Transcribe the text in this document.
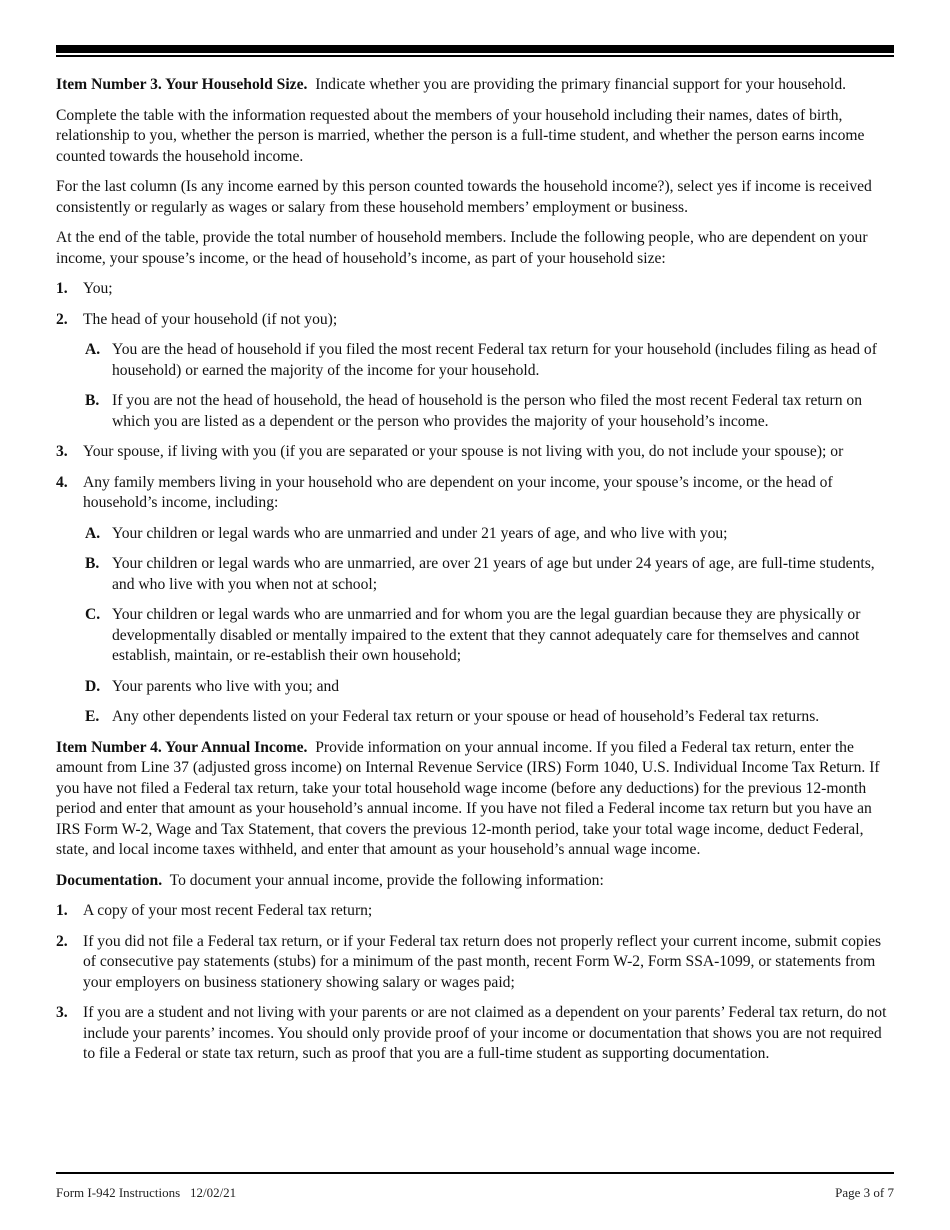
Item Number 3. Your Household Size. Indicate whether you are providing the primary financial support for your household.

Complete the table with the information requested about the members of your household including their names, dates of birth, relationship to you, whether the person is married, whether the person is a full-time student, and whether the person earns income counted towards the household income.

For the last column (Is any income earned by this person counted towards the household income?), select yes if income is received consistently or regularly as wages or salary from these household members’ employment or business.

At the end of the table, provide the total number of household members. Include the following people, who are dependent on your income, your spouse’s income, or the head of household’s income, as part of your household size:

1. You;
2. The head of your household (if not you);
A. You are the head of household if you filed the most recent Federal tax return for your household (includes filing as head of household) or earned the majority of the income for your household.
B. If you are not the head of household, the head of household is the person who filed the most recent Federal tax return on which you are listed as a dependent or the person who provides the majority of your household’s income.
3. Your spouse, if living with you (if you are separated or your spouse is not living with you, do not include your spouse); or
4. Any family members living in your household who are dependent on your income, your spouse’s income, or the head of household’s income, including:
A. Your children or legal wards who are unmarried and under 21 years of age, and who live with you;
B. Your children or legal wards who are unmarried, are over 21 years of age but under 24 years of age, are full-time students, and who live with you when not at school;
C. Your children or legal wards who are unmarried and for whom you are the legal guardian because they are physically or developmentally disabled or mentally impaired to the extent that they cannot adequately care for themselves and cannot establish, maintain, or re-establish their own household;
D. Your parents who live with you; and
E. Any other dependents listed on your Federal tax return or your spouse or head of household’s Federal tax returns.

Item Number 4. Your Annual Income. Provide information on your annual income. If you filed a Federal tax return, enter the amount from Line 37 (adjusted gross income) on Internal Revenue Service (IRS) Form 1040, U.S. Individual Income Tax Return. If you have not filed a Federal tax return, take your total household wage income (before any deductions) for the previous 12-month period and enter that amount as your household’s annual income. If you have not filed a Federal income tax return but you have an IRS Form W-2, Wage and Tax Statement, that covers the previous 12-month period, take your total wage income, deduct Federal, state, and local income taxes withheld, and enter that amount as your household’s annual wage income.

Documentation. To document your annual income, provide the following information:

1. A copy of your most recent Federal tax return;
2. If you did not file a Federal tax return, or if your Federal tax return does not properly reflect your current income, submit copies of consecutive pay statements (stubs) for a minimum of the past month, recent Form W-2, Form SSA-1099, or statements from your employers on business stationery showing salary or wages paid;
3. If you are a student and not living with your parents or are not claimed as a dependent on your parents’ Federal tax return, do not include your parents’ incomes. You should only provide proof of your income or documentation that shows you are not required to file a Federal or state tax return, such as proof that you are a full-time student as supporting documentation.
Form I-942 Instructions   12/02/21	Page 3 of 7
